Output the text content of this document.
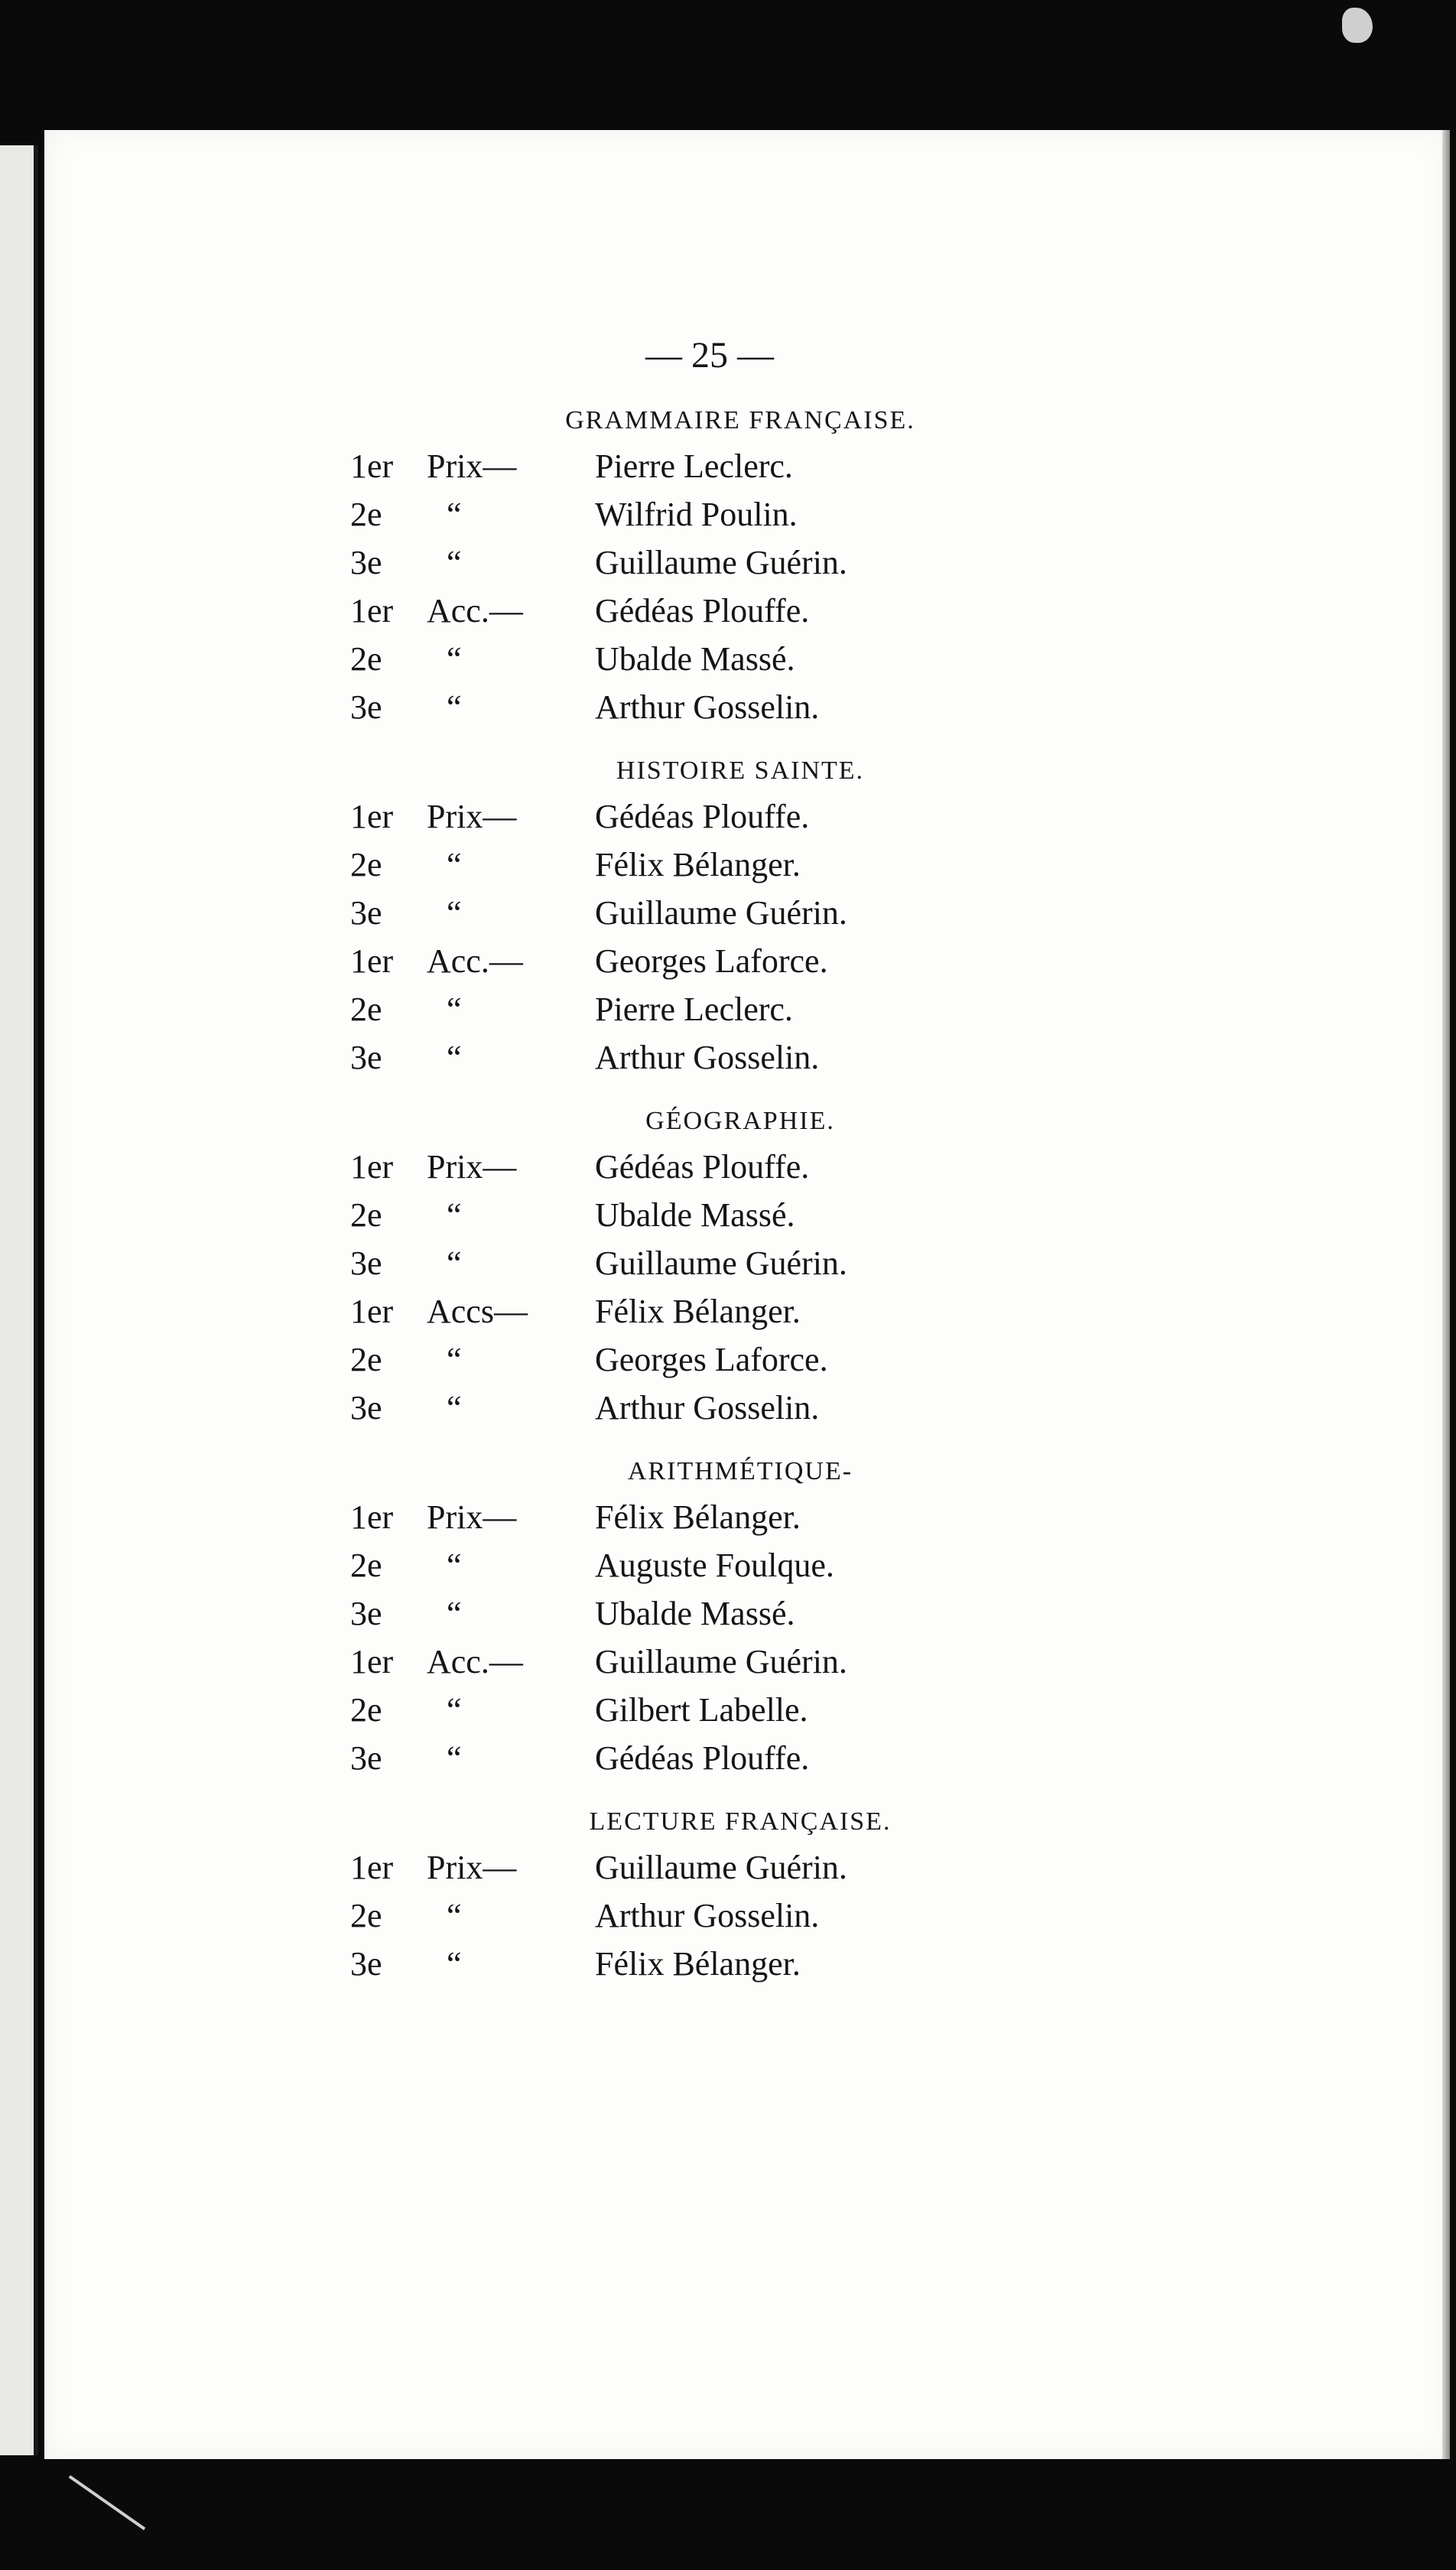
— 25 —
GRAMMAIRE FRANÇAISE.
1er Prix—	Pierre Leclerc.
2e	“	Wilfrid Poulin.
3e	“	Guillaume Guérin.
1er Acc.—	Gédéas Plouffe.
2e	“	Ubalde Massé.
3e	“	Arthur Gosselin.
HISTOIRE SAINTE.
1er Prix—	Gédéas Plouffe.
2e	“	Félix Bélanger.
3e	“	Guillaume Guérin.
1er Acc.—	Georges Laforce.
2e	“	Pierre Leclerc.
3e	“	Arthur Gosselin.
GÉOGRAPHIE.
1er Prix—	Gédéas Plouffe.
2e	“	Ubalde Massé.
3e	“	Guillaume Guérin.
1er Accs—	Félix Bélanger.
2e	“	Georges Laforce.
3e	“	Arthur Gosselin.
ARITHMÉTIQUE-
1er Prix—	Félix Bélanger.
2e	“	Auguste Foulque.
3e	“	Ubalde Massé.
1er Acc.—	Guillaume Guérin.
2e	“	Gilbert Labelle.
3e	“	Gédéas Plouffe.
LECTURE FRANÇAISE.
1er Prix—	Guillaume Guérin.
2e	“	Arthur Gosselin.
3e	“	Félix Bélanger.
